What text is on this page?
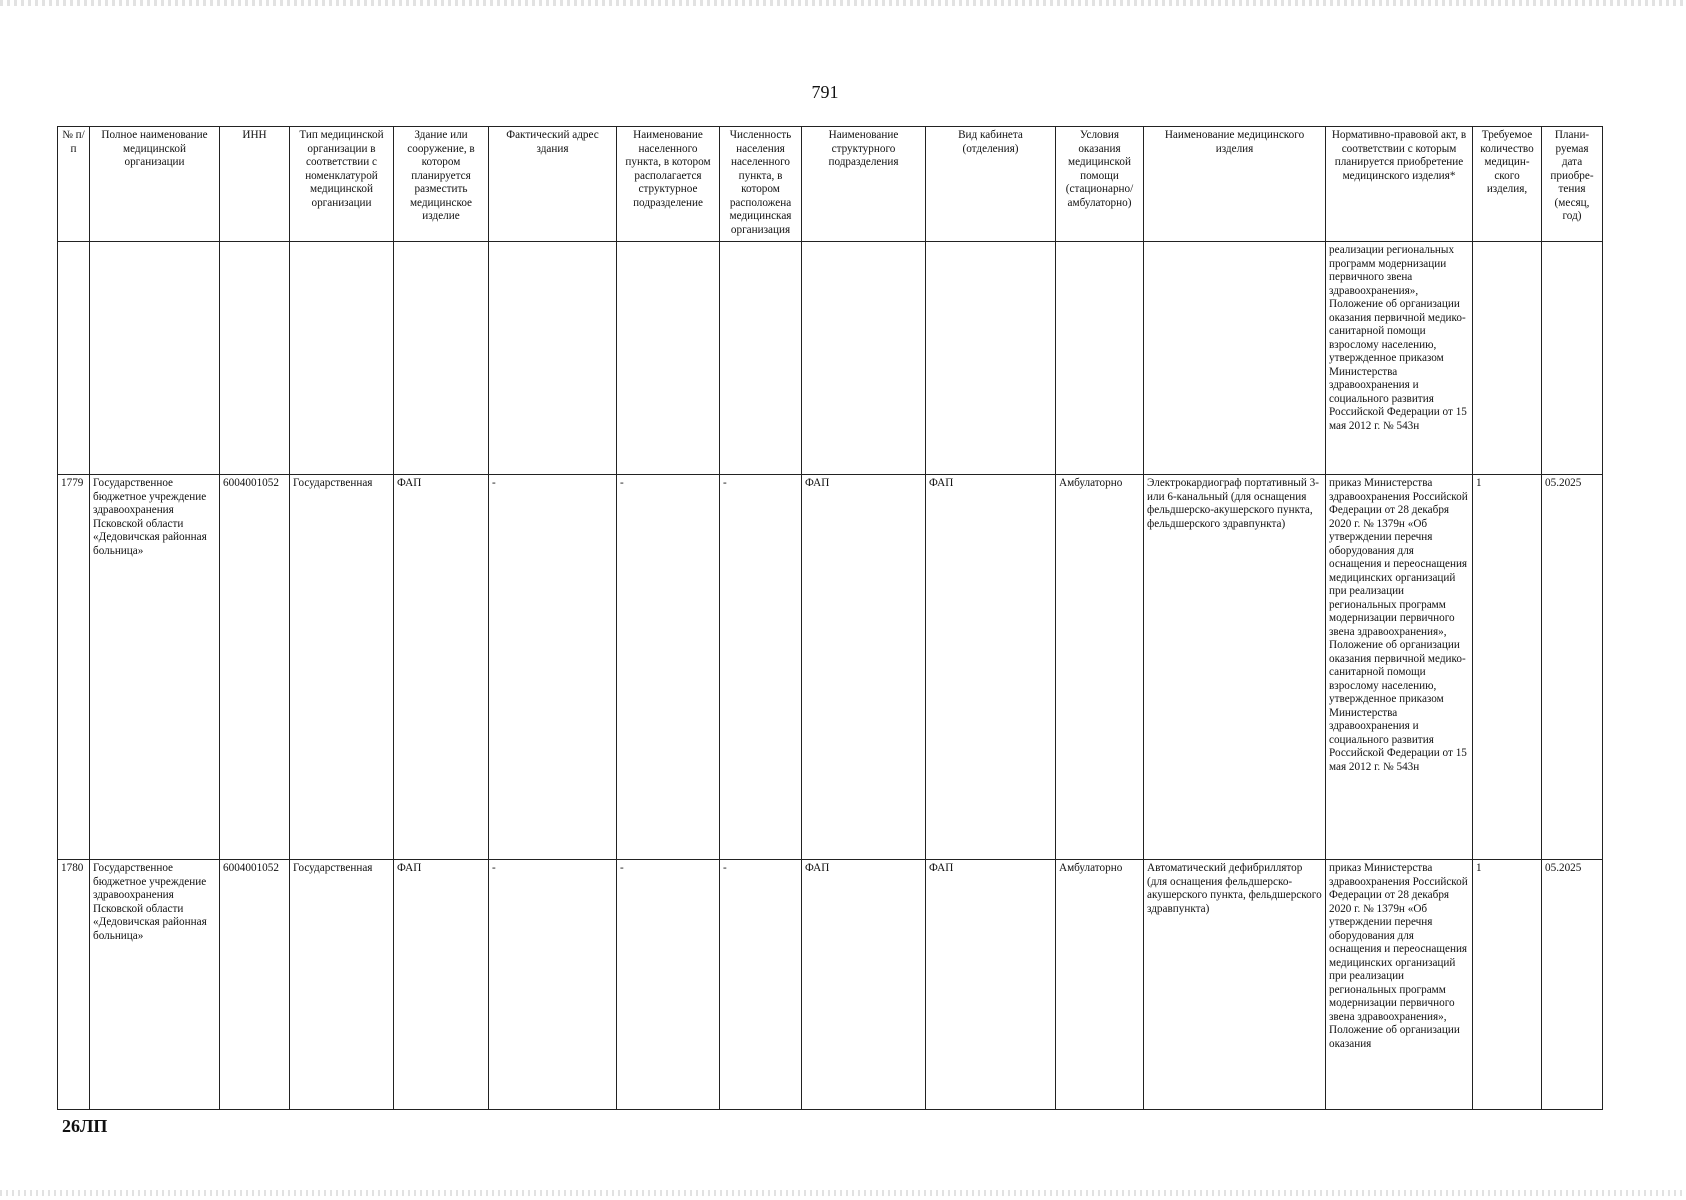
791
№ п/п	Полное наименование медицинской организации	ИНН	Тип медицинской организации в соответствии с номенклатурой медицинской организации	Здание или сооружение, в котором планируется разместить медицинское изделие	Фактический адрес здания	Наименование населенного пункта, в котором располагается структурное подразделение	Численность населения населенного пункта, в котором расположена медицинская организация	Наименование структурного подразделения	Вид кабинета (отделения)	Условия оказания медицинской помощи (стационарно/ амбулаторно)	Наименование медицинского изделия	Нормативно-правовой акт, в соответствии с которым планируется приобретение медицинского изделия*	Требуемое количество медицин-ского изделия,	Плани-руемая дата приобре-тения (месяц, год)
												реализации региональных программ модернизации первичного звена здравоохранения», Положение об организации оказания первичной медико-санитарной помощи взрослому населению, утвержденное приказом Министерства здравоохранения и социального развития Российской Федерации от 15 мая 2012 г. № 543н		
1779	Государственное бюджетное учреждение здравоохранения Псковской области «Дедовичская районная больница»	6004001052	Государственная	ФАП	-	-	-	ФАП	ФАП	Амбулаторно	Электрокардиограф портативный 3- или 6-канальный (для оснащения фельдшерско-акушерского пункта, фельдшерского здравпункта)	приказ Министерства здравоохранения Российской Федерации от 28 декабря 2020 г. № 1379н «Об утверждении перечня оборудования для оснащения и переоснащения медицинских организаций при реализации региональных программ модернизации первичного звена здравоохранения», Положение об организации оказания первичной медико-санитарной помощи взрослому населению, утвержденное приказом Министерства здравоохранения и социального развития Российской Федерации от 15 мая 2012 г. № 543н	1	05.2025
1780	Государственное бюджетное учреждение здравоохранения Псковской области «Дедовичская районная больница»	6004001052	Государственная	ФАП	-	-	-	ФАП	ФАП	Амбулаторно	Автоматический дефибриллятор (для оснащения фельдшерско-акушерского пункта, фельдшерского здравпункта)	приказ Министерства здравоохранения Российской Федерации от 28 декабря 2020 г. № 1379н «Об утверждении перечня оборудования для оснащения и переоснащения медицинских организаций при реализации региональных программ модернизации первичного звена здравоохранения», Положение об организации оказания	1	05.2025
26ЛП
